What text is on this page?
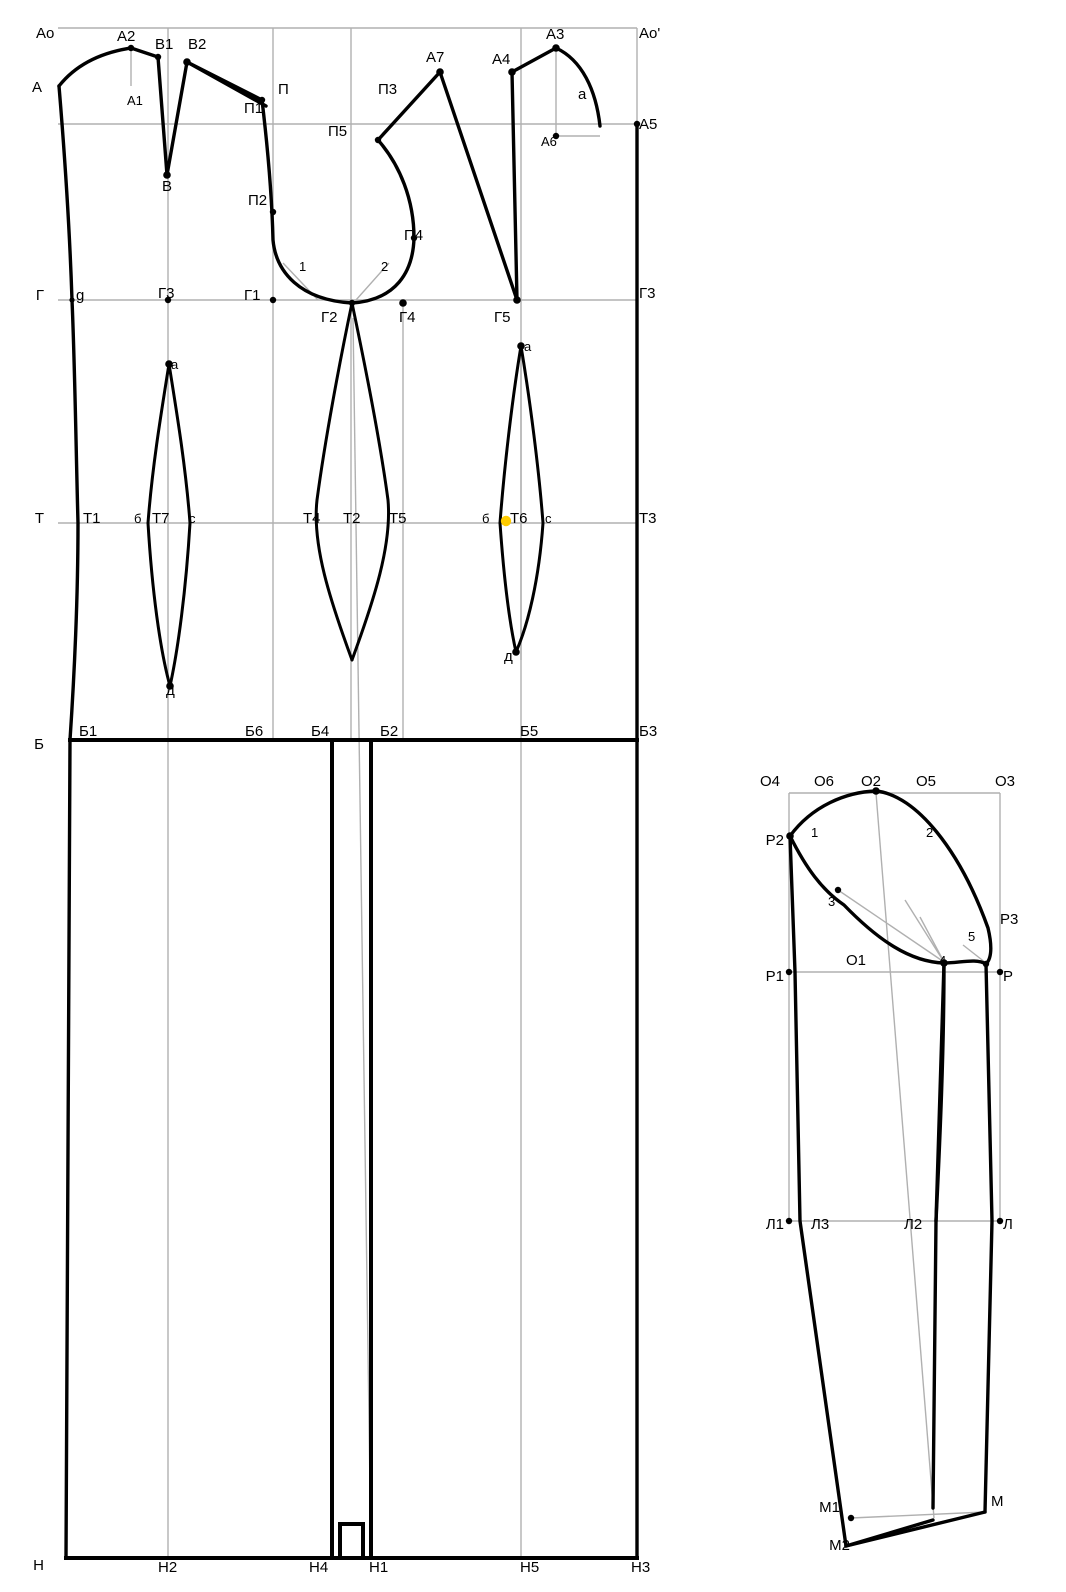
Ао	Ао'
А
А1
А2 В1 В2
В
П1
П
П2
П3
П5
П4
А7	А4
А3
а
А6
А5
Г g	Г3	Г1
Г2	Г4	Г5
Г3
1	2
а
а
Т	Т1	б Т7 с	Т4 Т2 Т5	б Т6 с	Т3
д
д
Б
Б1	Б6	Б4	Б2	Б5	Б3
Н	Н2	Н4	Н1	Н5	Н3
О4 О6 О2 О5	О3
Р2 1	2
3
4
5
Р3
Р1
О1
Р
Л1 Л3	Л2	Л
М1	М
М2
